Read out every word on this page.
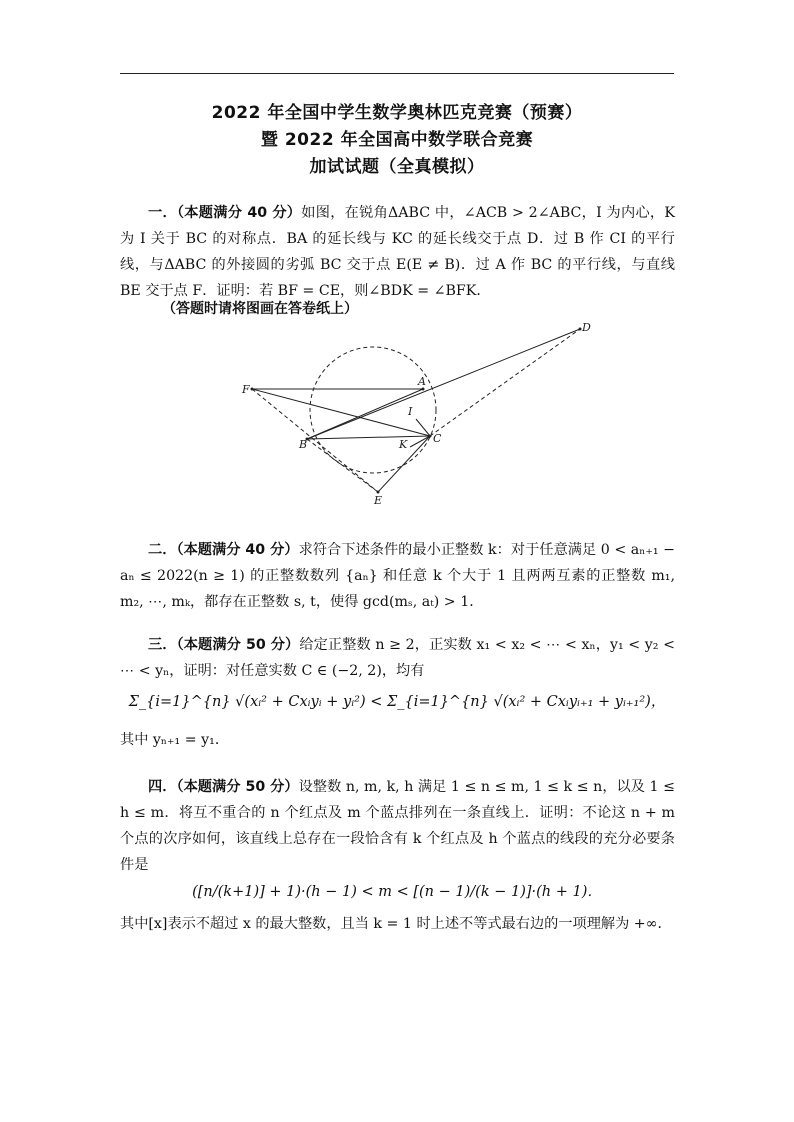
2022 年全国中学生数学奥林匹克竞赛（预赛）
暨 2022 年全国高中数学联合竞赛
加试试题（全真模拟）
一．（本题满分 40 分）如图，在锐角ΔABC 中，∠ACB > 2∠ABC，I 为内心，K 为 I 关于 BC 的对称点．BA 的延长线与 KC 的延长线交于点 D．过 B 作 CI 的平行线，与ΔABC 的外接圆的劣弧 BC 交于点 E(E ≠ B)．过 A 作 BC 的平行线，与直线 BE 交于点 F．证明：若 BF = CE，则∠BDK = ∠BFK．
（答题时请将图画在答卷纸上）
D
A
F
I
B	K C
E
二．（本题满分 40 分）求符合下述条件的最小正整数 k：对于任意满足 0 < aₙ₊₁ − aₙ ≤ 2022(n ≥ 1) 的正整数数列 {aₙ} 和任意 k 个大于 1 且两两互素的正整数 m₁, m₂, ⋯, mₖ，都存在正整数 s, t，使得 gcd(mₛ, aₜ) > 1．
三．（本题满分 50 分）给定正整数 n ≥ 2，正实数 x₁ < x₂ < ⋯ < xₙ，y₁ < y₂ < ⋯ < yₙ，证明：对任意实数 C ∈ (−2, 2)，均有
Σ_{i=1}^{n} √(xᵢ² + Cxᵢyᵢ + yᵢ²) < Σ_{i=1}^{n} √(xᵢ² + Cxᵢyᵢ₊₁ + yᵢ₊₁²)，
其中 yₙ₊₁ = y₁．
四．（本题满分 50 分）设整数 n, m, k, h 满足 1 ≤ n ≤ m, 1 ≤ k ≤ n，以及 1 ≤ h ≤ m．将互不重合的 n 个红点及 m 个蓝点排列在一条直线上．证明：不论这 n + m 个点的次序如何，该直线上总存在一段恰含有 k 个红点及 h 个蓝点的线段的充分必要条件是
([n/(k+1)] + 1)·(h − 1) < m < [(n − 1)/(k − 1)]·(h + 1)．
其中[x]表示不超过 x 的最大整数，且当 k = 1 时上述不等式最右边的一项理解为 +∞．
